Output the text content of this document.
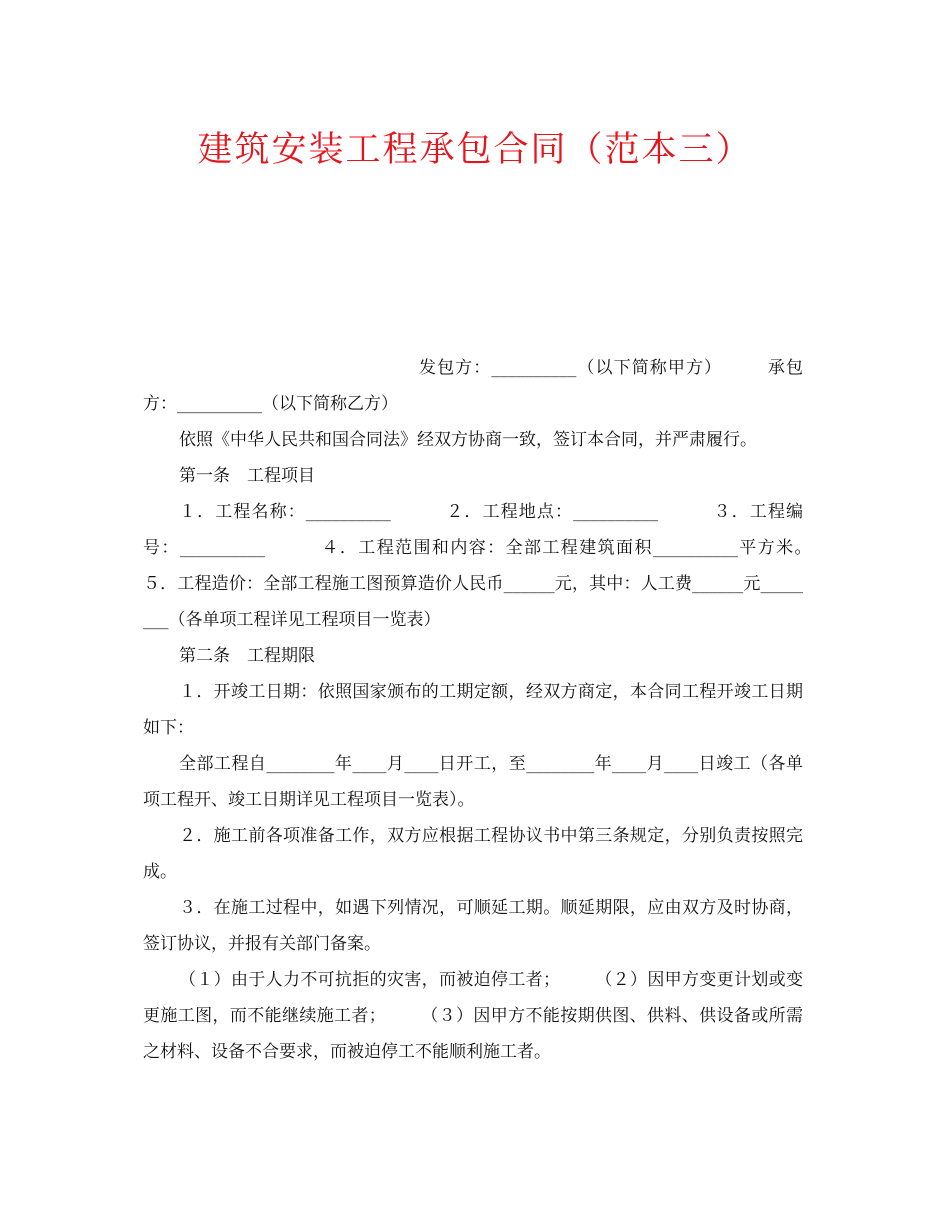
建筑安装工程承包合同（范本三）

发包方：__________（以下简称甲方）　　　承包方：__________（以下简称乙方）

依照《中华人民共和国合同法》经双方协商一致，签订本合同，并严肃履行。

第一条　工程项目

１．工程名称：__________　　　２．工程地点：__________　　　３．工程编号：__________　　　４．工程范围和内容：全部工程建筑面积__________平方米。　　　５．工程造价：全部工程施工图预算造价人民币______元，其中：人工费______元________（各单项工程详见工程项目一览表）

第二条　工程期限

１．开竣工日期：依照国家颁布的工期定额，经双方商定，本合同工程开竣工日期如下：

全部工程自________年____月____日开工，至________年____月____日竣工（各单项工程开、竣工日期详见工程项目一览表）。

２．施工前各项准备工作，双方应根据工程协议书中第三条规定，分别负责按照完成。

３．在施工过程中，如遇下列情况，可顺延工期。顺延期限，应由双方及时协商，签订协议，并报有关部门备案。

（１）由于人力不可抗拒的灾害，而被迫停工者；　　　（２）因甲方变更计划或变更施工图，而不能继续施工者；　　　（３）因甲方不能按期供图、供料、供设备或所需之材料、设备不合要求，而被迫停工不能顺利施工者。
